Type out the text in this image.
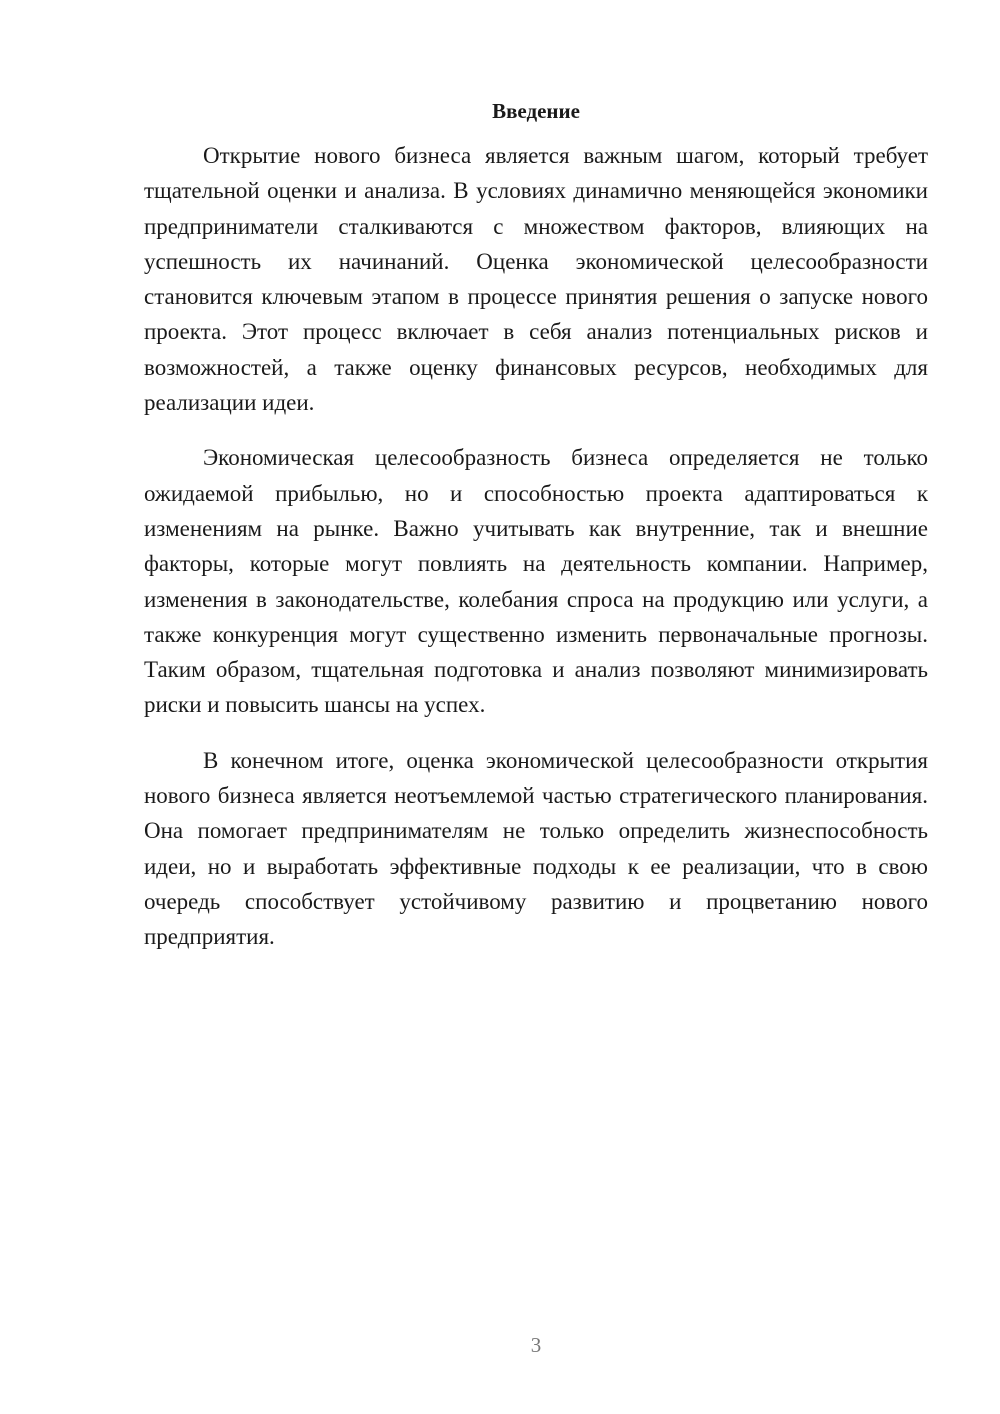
Введение

Открытие нового бизнеса является важным шагом, который требует тщательной оценки и анализа. В условиях динамично меняющейся экономики предприниматели сталкиваются с множеством факторов, влияющих на успешность их начинаний. Оценка экономической целесообразности становится ключевым этапом в процессе принятия решения о запуске нового проекта. Этот процесс включает в себя анализ потенциальных рисков и возможностей, а также оценку финансовых ресурсов, необходимых для реализации идеи.

Экономическая целесообразность бизнеса определяется не только ожидаемой прибылью, но и способностью проекта адаптироваться к изменениям на рынке. Важно учитывать как внутренние, так и внешние факторы, которые могут повлиять на деятельность компании. Например, изменения в законодательстве, колебания спроса на продукцию или услуги, а также конкуренция могут существенно изменить первоначальные прогнозы. Таким образом, тщательная подготовка и анализ позволяют минимизировать риски и повысить шансы на успех.

В конечном итоге, оценка экономической целесообразности открытия нового бизнеса является неотъемлемой частью стратегического планирования. Она помогает предпринимателям не только определить жизнеспособность идеи, но и выработать эффективные подходы к ее реализации, что в свою очередь способствует устойчивому развитию и процветанию нового предприятия.

3
